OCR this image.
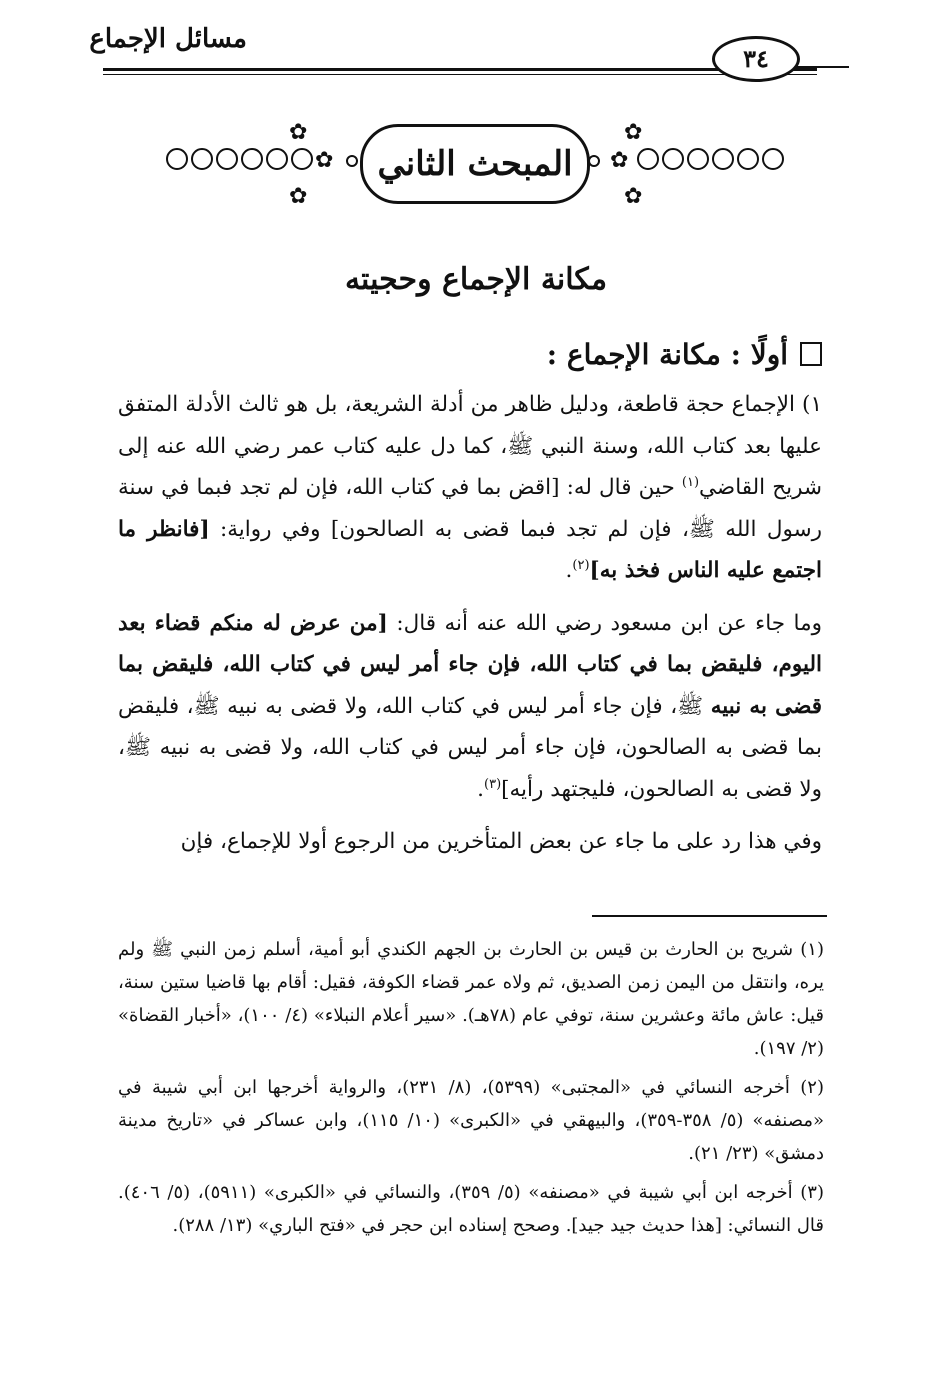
مسائل الإجماع
٣٤
✿
✿
✿
المبحث الثاني	✿
✿
✿
مكانة الإجماع وحجيته
أولًا : مكانة الإجماع :

١) الإجماع حجة قاطعة، ودليل ظاهر من أدلة الشريعة، بل هو ثالث الأدلة المتفق عليها بعد كتاب الله، وسنة النبي ﷺ، كما دل عليه كتاب عمر رضي الله عنه إلى شريح القاضي$^{(١)}$ حين قال له: [اقض بما في كتاب الله، فإن لم تجد فبما في سنة رسول الله ﷺ، فإن لم تجد فبما قضى به الصالحون] وفي رواية: [فانظر ما اجتمع عليه الناس فخذ به]$^{(٢)}$.

وما جاء عن ابن مسعود رضي الله عنه أنه قال: [من عرض له منكم قضاء بعد اليوم، فليقض بما في كتاب الله، فإن جاء أمر ليس في كتاب الله، فليقض بما قضى به نبيه ﷺ، فإن جاء أمر ليس في كتاب الله، ولا قضى به نبيه ﷺ، فليقض بما قضى به الصالحون، فإن جاء أمر ليس في كتاب الله، ولا قضى به نبيه ﷺ، ولا قضى به الصالحون، فليجتهد رأيه]$^{(٣)}$.

وفي هذا رد على ما جاء عن بعض المتأخرين من الرجوع أولا للإجماع، فإن

(١) شريح بن الحارث بن قيس بن الحارث بن الجهم الكندي أبو أمية، أسلم زمن النبي ﷺ ولم يره، وانتقل من اليمن زمن الصديق، ثم ولاه عمر قضاء الكوفة، فقيل: أقام بها قاضيا ستين سنة، قيل: عاش مائة وعشرين سنة، توفي عام (٧٨هـ). «سير أعلام النبلاء» (٤/ ١٠٠)، «أخبار القضاة» (٢/ ١٩٧).

(٢) أخرجه النسائي في «المجتبى» (٥٣٩٩)، (٨/ ٢٣١)، والرواية أخرجها ابن أبي شيبة في «مصنفه» (٥/ ٣٥٨-٣٥٩)، والبيهقي في «الكبرى» (١٠/ ١١٥)، وابن عساكر في «تاريخ مدينة دمشق» (٢٣/ ٢١).

(٣) أخرجه ابن أبي شيبة في «مصنفه» (٥/ ٣٥٩)، والنسائي في «الكبرى» (٥٩١١)، (٥/ ٤٠٦). قال النسائي: [هذا حديث جيد جيد]. وصحح إسناده ابن حجر في «فتح الباري» (١٣/ ٢٨٨).
